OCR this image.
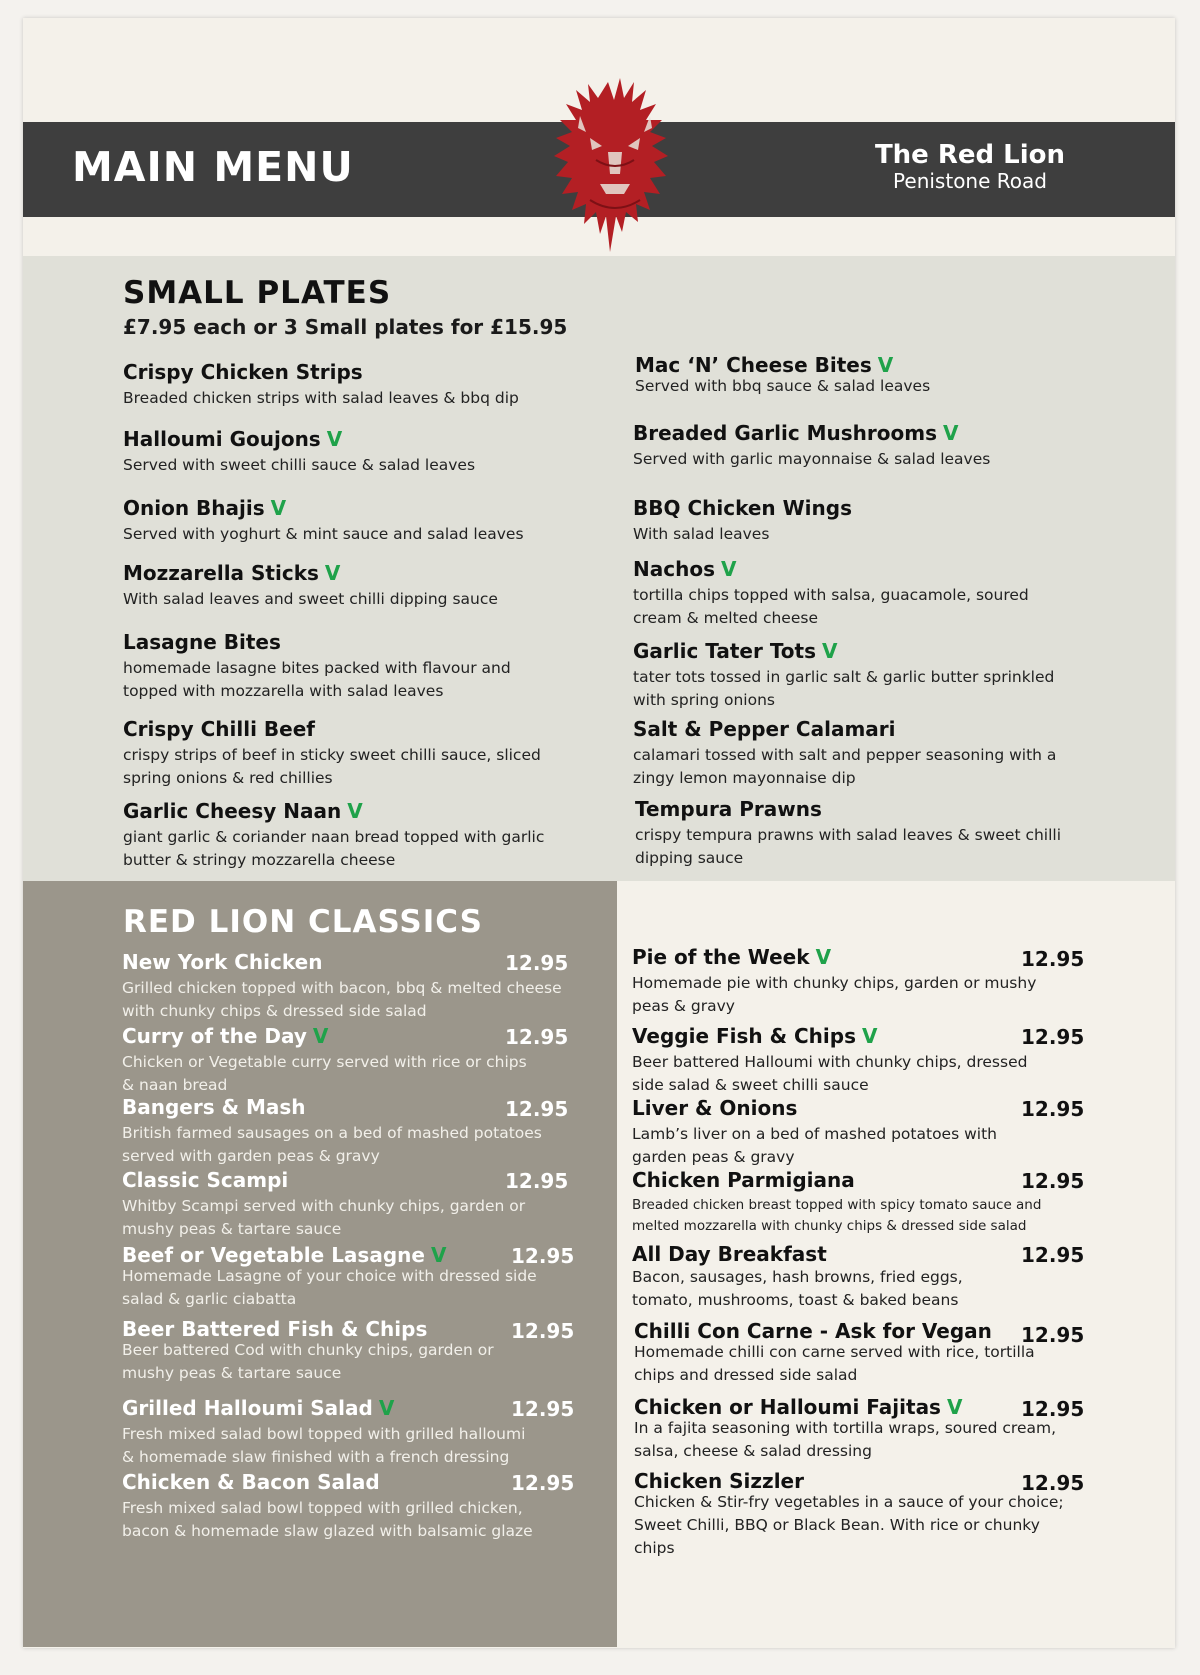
MAIN MENU	The Red Lion
Penistone Road
SMALL PLATES
£7.95 each or 3 Small plates for £15.95
Crispy Chicken Strips
Breaded chicken strips with salad leaves & bbq dip
Halloumi Goujons V
Served with sweet chilli sauce & salad leaves
Onion Bhajis V
Served with yoghurt & mint sauce and salad leaves
Mozzarella Sticks V
With salad leaves and sweet chilli dipping sauce
Lasagne Bites
homemade lasagne bites packed with flavour and topped with mozzarella with salad leaves
Crispy Chilli Beef
crispy strips of beef in sticky sweet chilli sauce, sliced spring onions & red chillies
Garlic Cheesy Naan V
giant garlic & coriander naan bread topped with garlic butter & stringy mozzarella cheese
Mac ‘N’ Cheese Bites V
Served with bbq sauce & salad leaves
Breaded Garlic Mushrooms V
Served with garlic mayonnaise & salad leaves
BBQ Chicken Wings
With salad leaves
Nachos V
tortilla chips topped with salsa, guacamole, soured cream & melted cheese
Garlic Tater Tots V
tater tots tossed in garlic salt & garlic butter sprinkled with spring onions
Salt & Pepper Calamari
calamari tossed with salt and pepper seasoning with a zingy lemon mayonnaise dip
Tempura Prawns
crispy tempura prawns with salad leaves & sweet chilli dipping sauce
RED LION CLASSICS
New York Chicken
Grilled chicken topped with bacon, bbq & melted cheese with chunky chips & dressed side salad
12.95
Curry of the Day V
Chicken or Vegetable curry served with rice or chips & naan bread
12.95
Bangers & Mash
British farmed sausages on a bed of mashed potatoes served with garden peas & gravy
12.95
Classic Scampi
Whitby Scampi served with chunky chips, garden or mushy peas & tartare sauce
12.95
Beef or Vegetable Lasagne V
Homemade Lasagne of your choice with dressed side salad & garlic ciabatta
12.95
Beer Battered Fish & Chips
Beer battered Cod with chunky chips, garden or mushy peas & tartare sauce
12.95
Grilled Halloumi Salad V
Fresh mixed salad bowl topped with grilled halloumi & homemade slaw finished with a french dressing
12.95
Chicken & Bacon Salad
Fresh mixed salad bowl topped with grilled chicken, bacon & homemade slaw glazed with balsamic glaze
12.95
Pie of the Week V
Homemade pie with chunky chips, garden or mushy peas & gravy
12.95
Veggie Fish & Chips V
Beer battered Halloumi with chunky chips, dressed side salad & sweet chilli sauce
12.95
Liver & Onions
Lamb’s liver on a bed of mashed potatoes with garden peas & gravy
12.95
Chicken Parmigiana
Breaded chicken breast topped with spicy tomato sauce and melted mozzarella with chunky chips & dressed side salad
12.95
All Day Breakfast
Bacon, sausages, hash browns, fried eggs, tomato, mushrooms, toast & baked beans
12.95
Chilli Con Carne - Ask for Vegan
Homemade chilli con carne served with rice, tortilla chips and dressed side salad
12.95
Chicken or Halloumi Fajitas V
In a fajita seasoning with tortilla wraps, soured cream, salsa, cheese & salad dressing
12.95
Chicken Sizzler
Chicken & Stir-fry vegetables in a sauce of your choice; Sweet Chilli, BBQ or Black Bean. With rice or chunky chips
12.95
